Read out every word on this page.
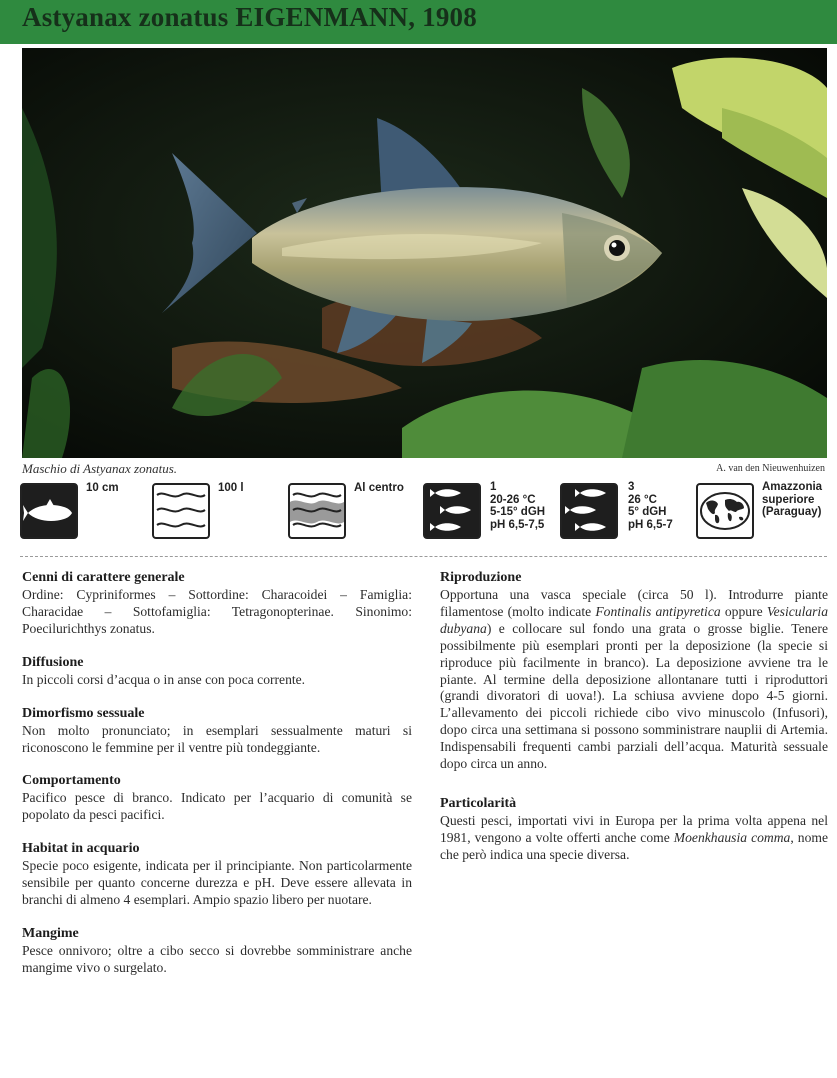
Astyanax zonatus EIGENMANN, 1908
Maschio di Astyanax zonatus.	A. van den Nieuwenhuizen
10 cm	100 l	Al centro	1
20-26 °C
5-15° dGH
pH 6,5-7,5
3
26 °C
5° dGH
pH 6,5-7
Amazzonia
superiore
(Paraguay)
Cenni di carattere generale

Ordine: Cypriniformes – Sottordine: Characoidei – Famiglia: Characidae – Sottofamiglia: Tetragonopterinae. Sinonimo: Poecilurichthys zonatus.

Diffusione

In piccoli corsi d’acqua o in anse con poca corrente.

Dimorfismo sessuale

Non molto pronunciato; in esemplari sessualmente maturi si riconoscono le femmine per il ventre più tondeggiante.

Comportamento

Pacifico pesce di branco. Indicato per l’acquario di comunità se popolato da pesci pacifici.

Habitat in acquario

Specie poco esigente, indicata per il principiante. Non particolarmente sensibile per quanto concerne durezza e pH. Deve essere allevata in branchi di almeno 4 esemplari. Ampio spazio libero per nuotare.

Mangime

Pesce onnivoro; oltre a cibo secco si dovrebbe somministrare anche mangime vivo o surgelato.

Riproduzione

Opportuna una vasca speciale (circa 50 l). Introdurre piante filamentose (molto indicate Fontinalis antipyretica oppure Vesicularia dubyana) e collocare sul fondo una grata o grosse biglie. Tenere possibilmente più esemplari pronti per la deposizione (la specie si riproduce più facilmente in branco). La deposizione avviene tra le piante. Al termine della deposizione allontanare tutti i riproduttori (grandi divoratori di uova!). La schiusa avviene dopo 4-5 giorni. L’allevamento dei piccoli richiede cibo vivo minuscolo (Infusori), dopo circa una settimana si possono somministrare nauplii di Artemia. Indispensabili frequenti cambi parziali dell’acqua. Maturità sessuale dopo circa un anno.

Particolarità

Questi pesci, importati vivi in Europa per la prima volta appena nel 1981, vengono a volte offerti anche come Moenkhausia comma, nome che però indica una specie diversa.
